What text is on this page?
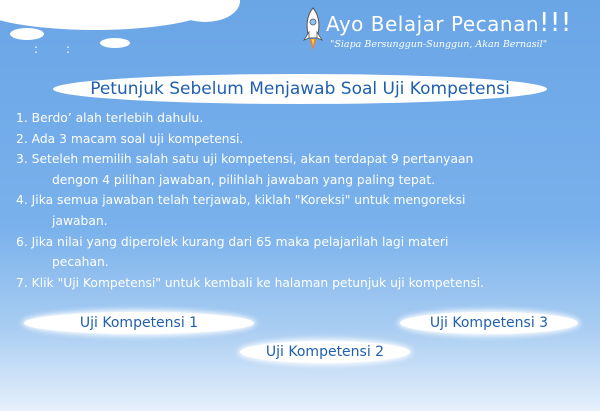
'
: :
Ayo Belajar Pecanan!!!
"Siapa Bersunggun-Sunggun, Akan Bernasil"
Petunjuk Sebelum Menjawab Soal Uji Kompetensi
1. Berdo’ alah terlebih dahulu.
2. Ada 3 macam soal uji kompetensi.
3. Seteleh memilih salah satu uji kompetensi, akan terdapat 9 pertanyaan
dengon 4 pilihan jawaban, pilihlah jawaban yang paling tepat.
4. Jika semua jawaban telah terjawab, kiklah "Koreksi" untuk mengoreksi
jawaban.
6. Jika nilai yang diperolek kurang dari 65 maka pelajarilah lagi materi
pecahan.
7. Klik "Uji Kompetensi" untuk kembali ke halaman petunjuk uji kompetensi.
Uji Kompetensi 1	Uji Kompetensi 3
Uji Kompetensi 2
